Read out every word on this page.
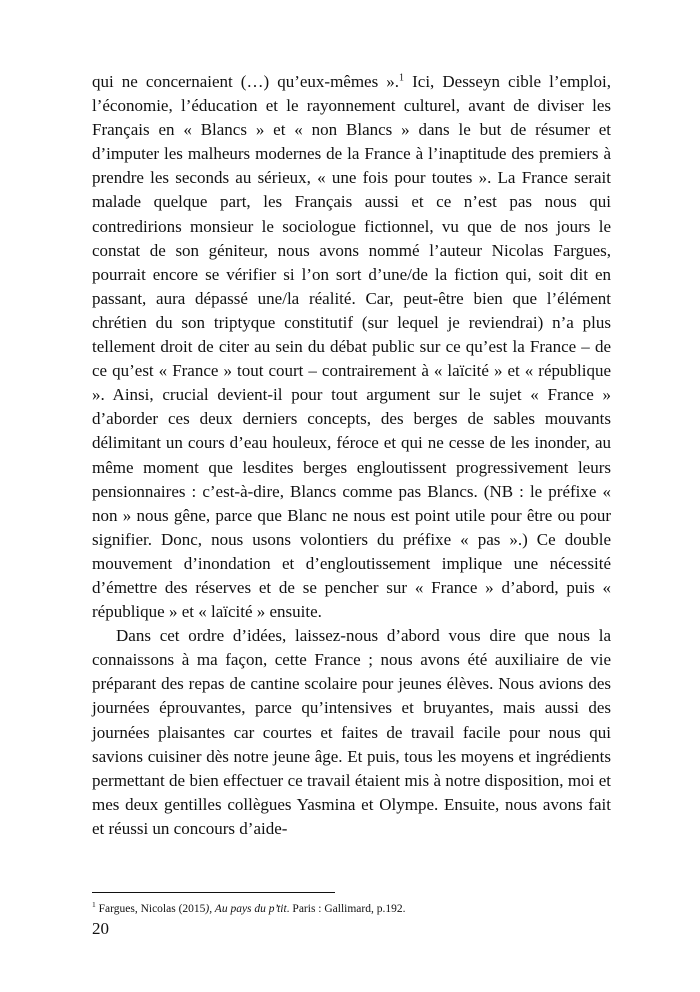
qui ne concernaient (…) qu’eux-mêmes ».$^1$ Ici, Desseyn cible l’emploi, l’économie, l’éducation et le rayonnement culturel, avant de diviser les Français en « Blancs » et « non Blancs » dans le but de résumer et d’imputer les malheurs modernes de la France à l’inaptitude des premiers à prendre les seconds au sérieux, « une fois pour toutes ». La France serait malade quelque part, les Français aussi et ce n’est pas nous qui contredirions monsieur le sociologue fictionnel, vu que de nos jours le constat de son géniteur, nous avons nommé l’auteur Nicolas Fargues, pourrait encore se vérifier si l’on sort d’une/de la fiction qui, soit dit en passant, aura dépassé une/la réalité. Car, peut-être bien que l’élément chrétien du son triptyque constitutif (sur lequel je reviendrai) n’a plus tellement droit de citer au sein du débat public sur ce qu’est la France – de ce qu’est « France » tout court – contrairement à « laïcité » et « république ». Ainsi, crucial devient-il pour tout argument sur le sujet « France » d’aborder ces deux derniers concepts, des berges de sables mouvants délimitant un cours d’eau houleux, féroce et qui ne cesse de les inonder, au même moment que lesdites berges engloutissent progressivement leurs pensionnaires : c’est-à-dire, Blancs comme pas Blancs. (NB : le préfixe « non » nous gêne, parce que Blanc ne nous est point utile pour être ou pour signifier. Donc, nous usons volontiers du préfixe « pas ».) Ce double mouvement d’inondation et d’engloutissement implique une nécessité d’émettre des réserves et de se pencher sur « France » d’abord, puis « république » et « laïcité » ensuite.

Dans cet ordre d’idées, laissez-nous d’abord vous dire que nous la connaissons à ma façon, cette France ; nous avons été auxiliaire de vie préparant des repas de cantine scolaire pour jeunes élèves. Nous avions des journées éprouvantes, parce qu’intensives et bruyantes, mais aussi des journées plaisantes car courtes et faites de travail facile pour nous qui savions cuisiner dès notre jeune âge. Et puis, tous les moyens et ingrédients permettant de bien effectuer ce travail étaient mis à notre disposition, moi et mes deux gentilles collègues Yasmina et Olympe. Ensuite, nous avons fait et réussi un concours d’aide-

$^1$ Fargues, Nicolas (2015), Au pays du p’tit. Paris : Gallimard, p.192.

20
